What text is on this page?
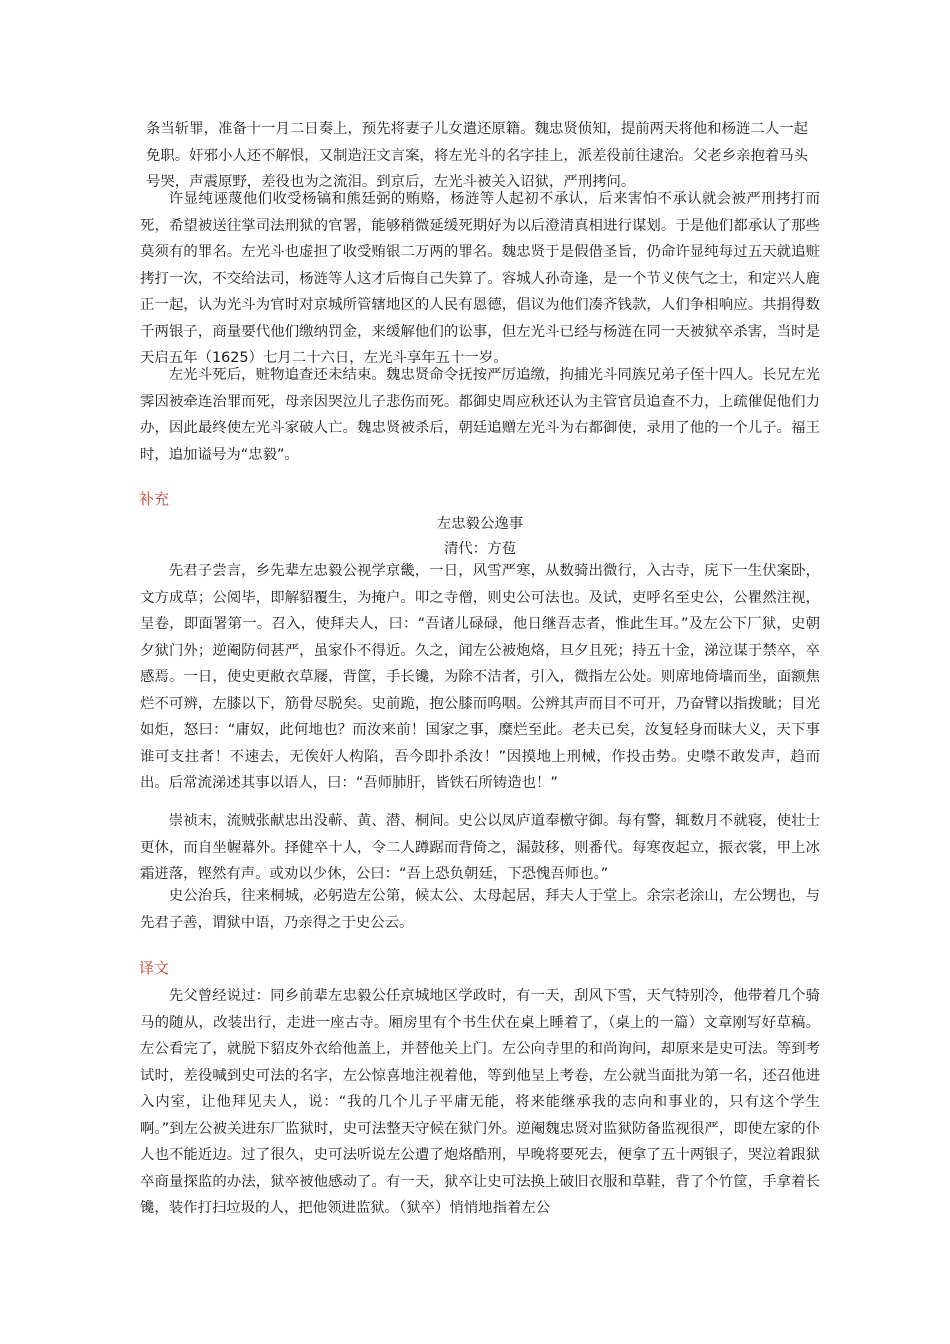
条当斩罪，准备十一月二日奏上，预先将妻子儿女遣还原籍。魏忠贤侦知，提前两天将他和杨涟二人一起免职。奸邪小人还不解恨，又制造汪文言案，将左光斗的名字挂上，派差役前往逮治。父老乡亲抱着马头号哭，声震原野，差役也为之流泪。到京后，左光斗被关入诏狱，严刑拷问。

许显纯诬蔑他们收受杨镐和熊廷弼的贿赂，杨涟等人起初不承认，后来害怕不承认就会被严刑拷打而死，希望被送往掌司法刑狱的官署，能够稍微延缓死期好为以后澄清真相进行谋划。于是他们都承认了那些莫须有的罪名。左光斗也虚担了收受贿银二万两的罪名。魏忠贤于是假借圣旨，仍命许显纯每过五天就追赃拷打一次，不交给法司，杨涟等人这才后悔自己失算了。容城人孙奇逢，是一个节义侠气之士，和定兴人鹿正一起，认为光斗为官时对京城所管辖地区的人民有恩德，倡议为他们凑齐钱款，人们争相响应。共捐得数千两银子，商量要代他们缴纳罚金，来缓解他们的讼事，但左光斗已经与杨涟在同一天被狱卒杀害，当时是天启五年（1625）七月二十六日，左光斗享年五十一岁。

左光斗死后，赃物追查还未结束。魏忠贤命令抚按严厉追缴，拘捕光斗同族兄弟子侄十四人。长兄左光霁因被牵连治罪而死，母亲因哭泣儿子悲伤而死。都御史周应秋还认为主管官员追查不力，上疏催促他们力办，因此最终使左光斗家破人亡。魏忠贤被杀后，朝廷追赠左光斗为右都御使，录用了他的一个儿子。福王时，追加谥号为“忠毅”。

补充

左忠毅公逸事

清代：方苞

先君子尝言，乡先辈左忠毅公视学京畿，一日，风雪严寒，从数骑出微行，入古寺，庑下一生伏案卧，文方成草；公阅毕，即解貂覆生，为掩户。叩之寺僧，则史公可法也。及试，吏呼名至史公，公瞿然注视，呈卷，即面署第一。召入，使拜夫人，曰：“吾诸儿碌碌，他日继吾志者，惟此生耳。”及左公下厂狱，史朝夕狱门外；逆阉防伺甚严，虽家仆不得近。久之，闻左公被炮烙，旦夕且死；持五十金，涕泣谋于禁卒，卒感焉。一日，使史更敝衣草屦，背筐，手长镵，为除不洁者，引入，微指左公处。则席地倚墙而坐，面额焦烂不可辨，左膝以下，筋骨尽脱矣。史前跪，抱公膝而呜咽。公辨其声而目不可开，乃奋臂以指拨眦；目光如炬，怒曰：“庸奴，此何地也？而汝来前！国家之事，糜烂至此。老夫已矣，汝复轻身而昧大义，天下事谁可支拄者！不速去，无俟奸人构陷，吾今即扑杀汝！”因摸地上刑械，作投击势。史噤不敢发声，趋而出。后常流涕述其事以语人，曰：“吾师肺肝，皆铁石所铸造也！”

崇祯末，流贼张献忠出没蕲、黄、潜、桐间。史公以凤庐道奉檄守御。每有警，辄数月不就寝，使壮士更休，而自坐幄幕外。择健卒十人，令二人蹲踞而背倚之，漏鼓移，则番代。每寒夜起立，振衣裳，甲上冰霜迸落，铿然有声。或劝以少休，公曰：“吾上恐负朝廷，下恐愧吾师也。”

史公治兵，往来桐城，必躬造左公第，候太公、太母起居，拜夫人于堂上。余宗老涂山，左公甥也，与先君子善，谓狱中语，乃亲得之于史公云。

译文

先父曾经说过：同乡前辈左忠毅公任京城地区学政时，有一天，刮风下雪，天气特别冷，他带着几个骑马的随从，改装出行，走进一座古寺。厢房里有个书生伏在桌上睡着了，（桌上的一篇）文章刚写好草稿。左公看完了，就脱下貂皮外衣给他盖上，并替他关上门。左公向寺里的和尚询问，却原来是史可法。等到考试时，差役喊到史可法的名字，左公惊喜地注视着他，等到他呈上考卷，左公就当面批为第一名，还召他进入内室，让他拜见夫人，说：“我的几个儿子平庸无能，将来能继承我的志向和事业的，只有这个学生啊。”到左公被关进东厂监狱时，史可法整天守候在狱门外。逆阉魏忠贤对监狱防备监视很严，即使左家的仆人也不能近边。过了很久，史可法听说左公遭了炮烙酷刑，早晚将要死去，便拿了五十两银子，哭泣着跟狱卒商量探监的办法，狱卒被他感动了。有一天，狱卒让史可法换上破旧衣服和草鞋，背了个竹筐，手拿着长镵，装作打扫垃圾的人，把他领进监狱。（狱卒）悄悄地指着左公
